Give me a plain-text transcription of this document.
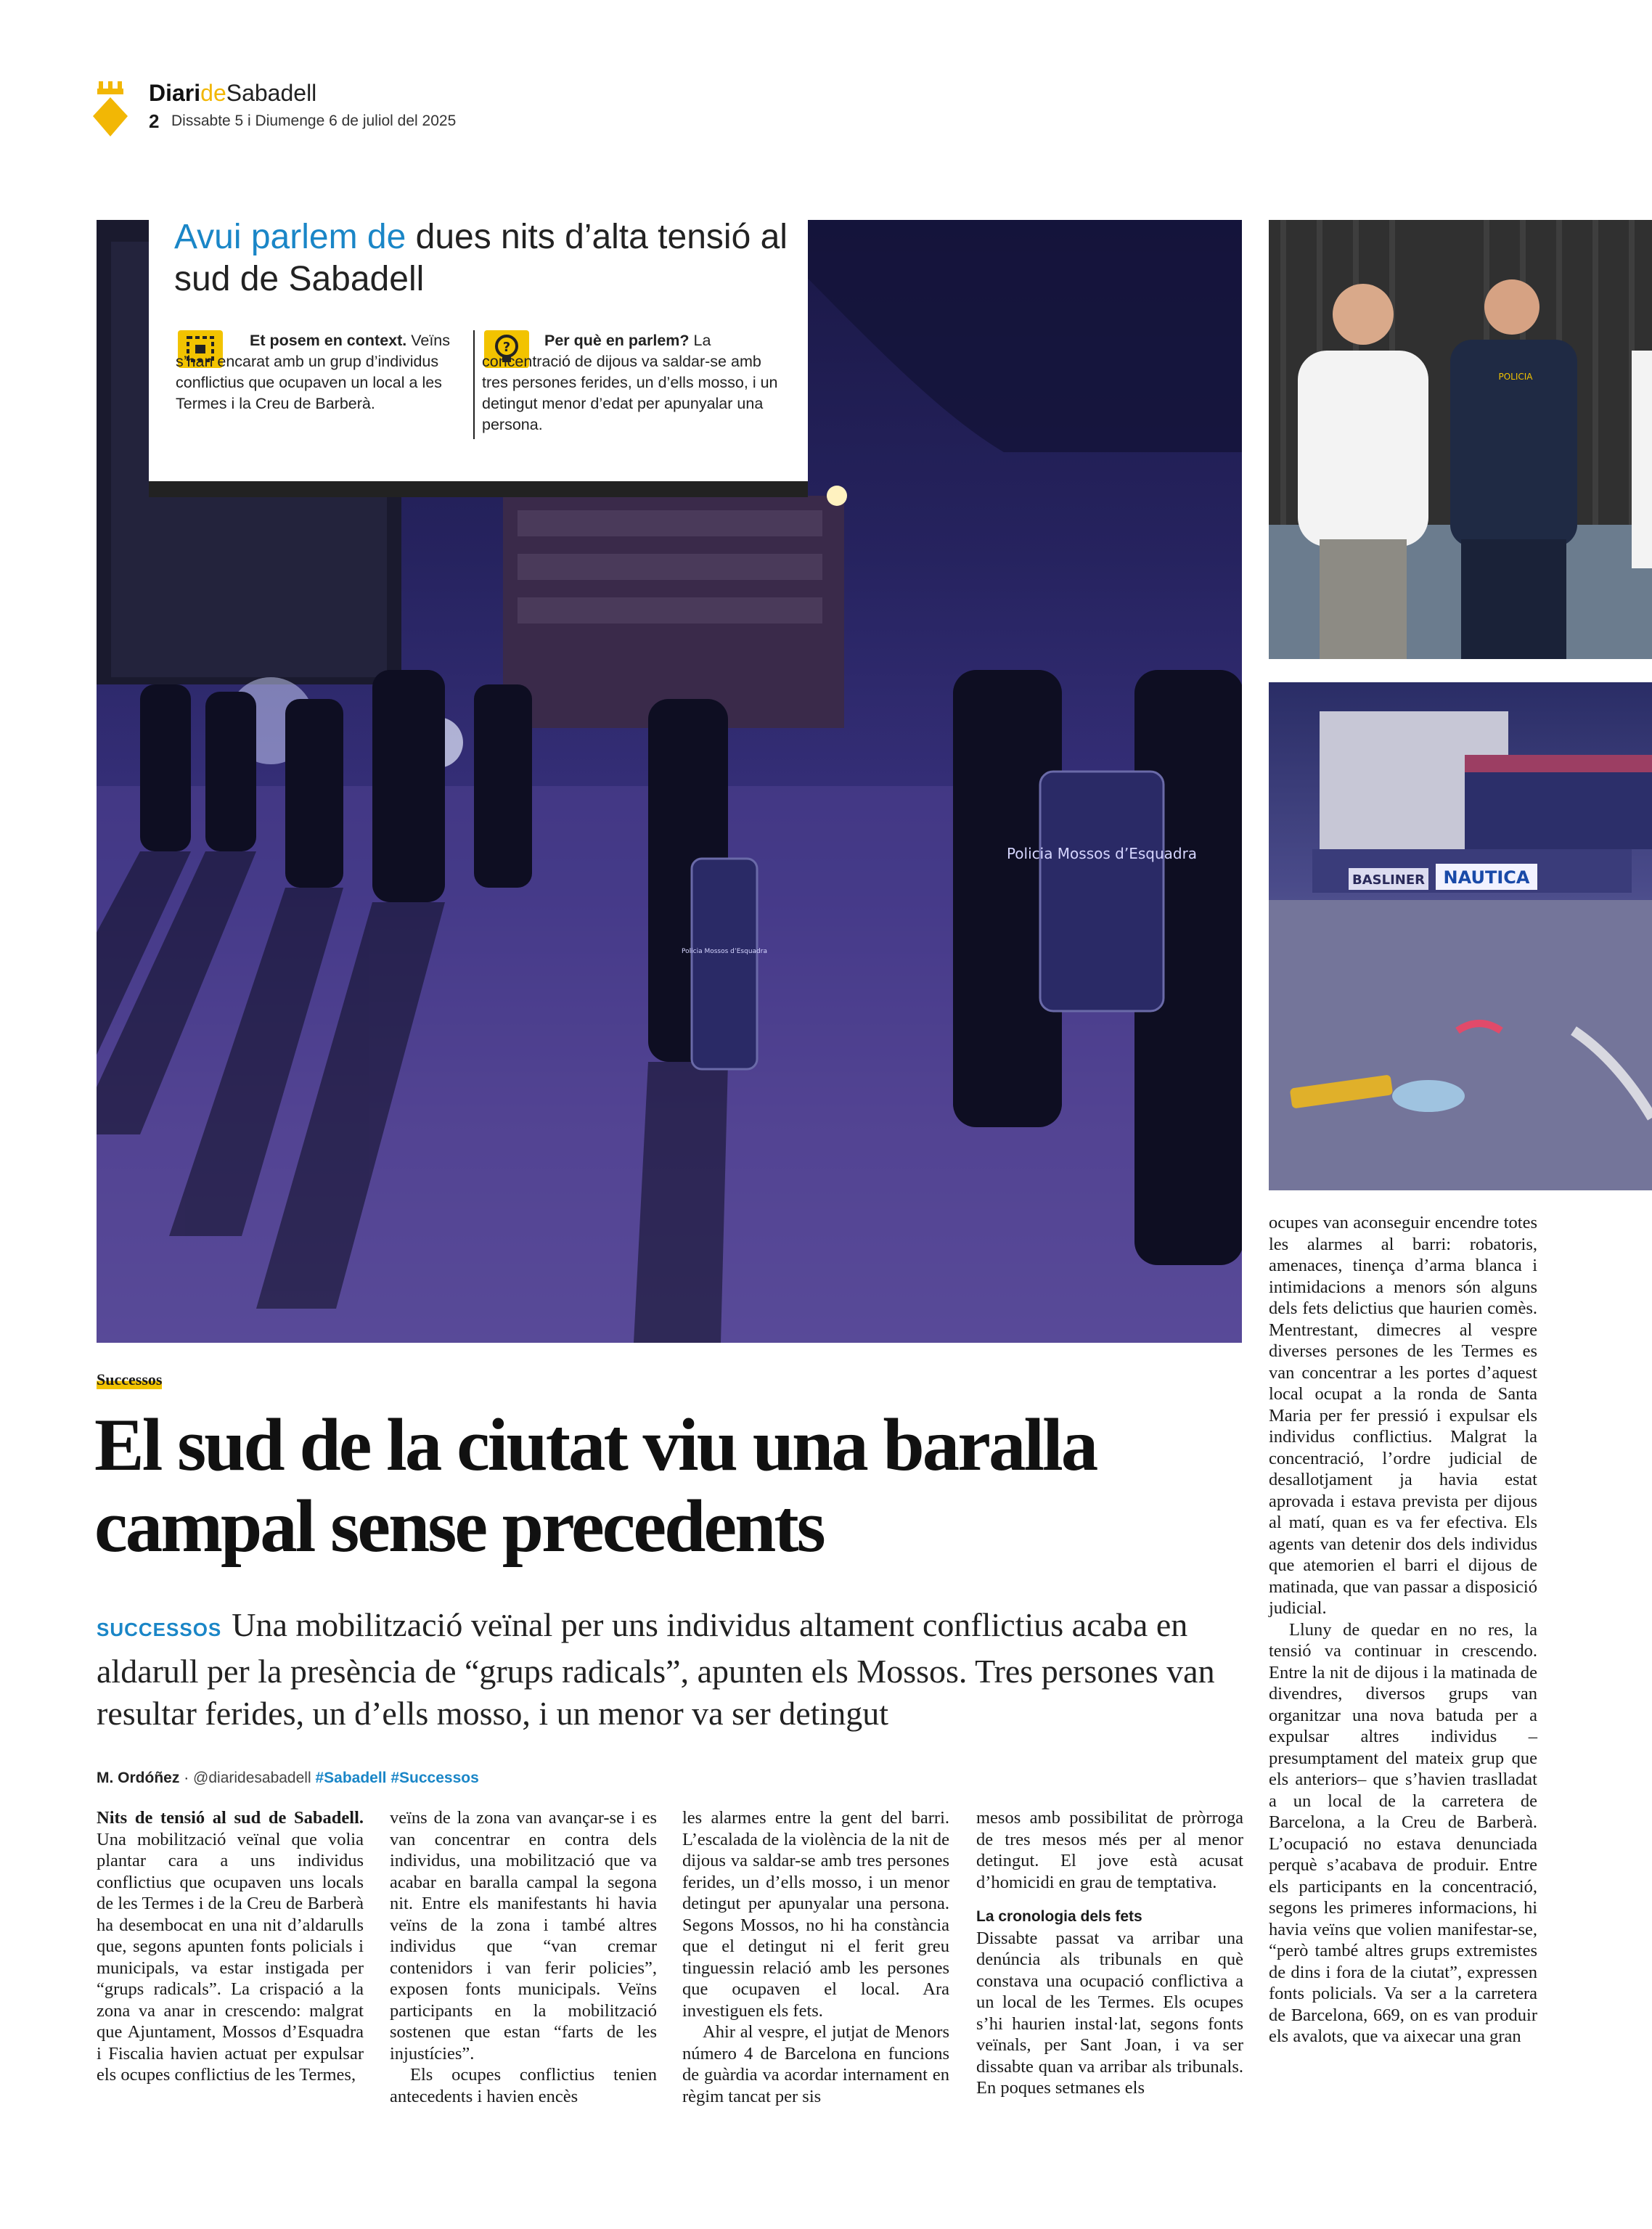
DiarideSabadell
2 Dissabte 5 i Diumenge 6 de juliol del 2025
Policia Mossos d’Esquadra
Policia Mossos d’Esquadra
Avui parlem de dues nits d’alta tensió al sud de Sabadell
Et posem en context. Veïns s’han encarat amb un grup d’individus conflictius que ocupaven un local a les Termes i la Creu de Barberà.
?	Per què en parlem? La concentració de dijous va saldar-se amb tres persones ferides, un d’ells mosso, i un detingut menor d’edat per apunyalar una persona.
POLICIA
BASLINER NAUTICA
Successos
El sud de la ciutat viu una baralla campal sense precedents
SUCCESSOS Una mobilització veïnal per uns individus altament conflictius acaba en aldarull per la presència de “grups radicals”, apunten els Mossos. Tres persones van resultar ferides, un d’ells mosso, i un menor va ser detingut
M. Ordóñez · @diaridesabadell #Sabadell #Successos
Nits de tensió al sud de Sabadell. Una mobilització veïnal que volia plantar cara a uns individus conflictius que ocupaven uns locals de les Termes i de la Creu de Barberà ha desembocat en una nit d’aldarulls que, segons apunten fonts policials i municipals, va estar instigada per “grups radicals”. La crispació a la zona va anar in crescendo: malgrat que Ajuntament, Mossos d’Esquadra i Fiscalia havien actuat per expulsar els ocupes conflictius de les Termes,
veïns de la zona van avançar-se i es van concentrar en contra dels individus, una mobilització que va acabar en baralla campal la segona nit. Entre els manifestants hi havia veïns de la zona i també altres individus que “van cremar contenidors i van ferir policies”, exposen fonts municipals. Veïns participants en la mobilització sostenen que estan “farts de les injustícies”.
Els ocupes conflictius tenien antecedents i havien encès
les alarmes entre la gent del barri. L’escalada de la violència de la nit de dijous va saldar-se amb tres persones ferides, un d’ells mosso, i un menor detingut per apunyalar una persona. Segons Mossos, no hi ha constància que el detingut ni el ferit greu tinguessin relació amb les persones que ocupaven el local. Ara investiguen els fets.
Ahir al vespre, el jutjat de Menors número 4 de Barcelona en funcions de guàrdia va acordar internament en règim tancat per sis
mesos amb possibilitat de pròrroga de tres mesos més per al menor detingut. El jove està acusat d’homicidi en grau de temptativa.
La cronologia dels fets
Dissabte passat va arribar una denúncia als tribunals en què constava una ocupació conflictiva a un local de les Termes. Els ocupes s’hi haurien instal·lat, segons fonts veïnals, per Sant Joan, i va ser dissabte quan va arribar als tribunals. En poques setmanes els
ocupes van aconseguir encendre totes les alarmes al barri: robatoris, amenaces, tinença d’arma blanca i intimidacions a menors són alguns dels fets delictius que haurien comès. Mentrestant, dimecres al vespre diverses persones de les Termes es van concentrar a les portes d’aquest local ocupat a la ronda de Santa Maria per fer pressió i expulsar els individus conflictius. Malgrat la concentració, l’ordre judicial de desallotjament ja havia estat aprovada i estava prevista per dijous al matí, quan es va fer efectiva. Els agents van detenir dos dels individus que atemorien el barri el dijous de matinada, que van passar a disposició judicial.
Lluny de quedar en no res, la tensió va continuar in crescendo. Entre la nit de dijous i la matinada de divendres, diversos grups van organitzar una nova batuda per a expulsar altres individus –presumptament del mateix grup que els anteriors– que s’havien traslladat a un local de la carretera de Barcelona, a la Creu de Barberà. L’ocupació no estava denunciada perquè s’acabava de produir. Entre els participants en la concentració, segons les primeres informacions, hi havia veïns que volien manifestar-se, “però també altres grups extremistes de dins i fora de la ciutat”, expressen fonts policials. Va ser a la carretera de Barcelona, 669, on es van produir els avalots, que va aixecar una gran
